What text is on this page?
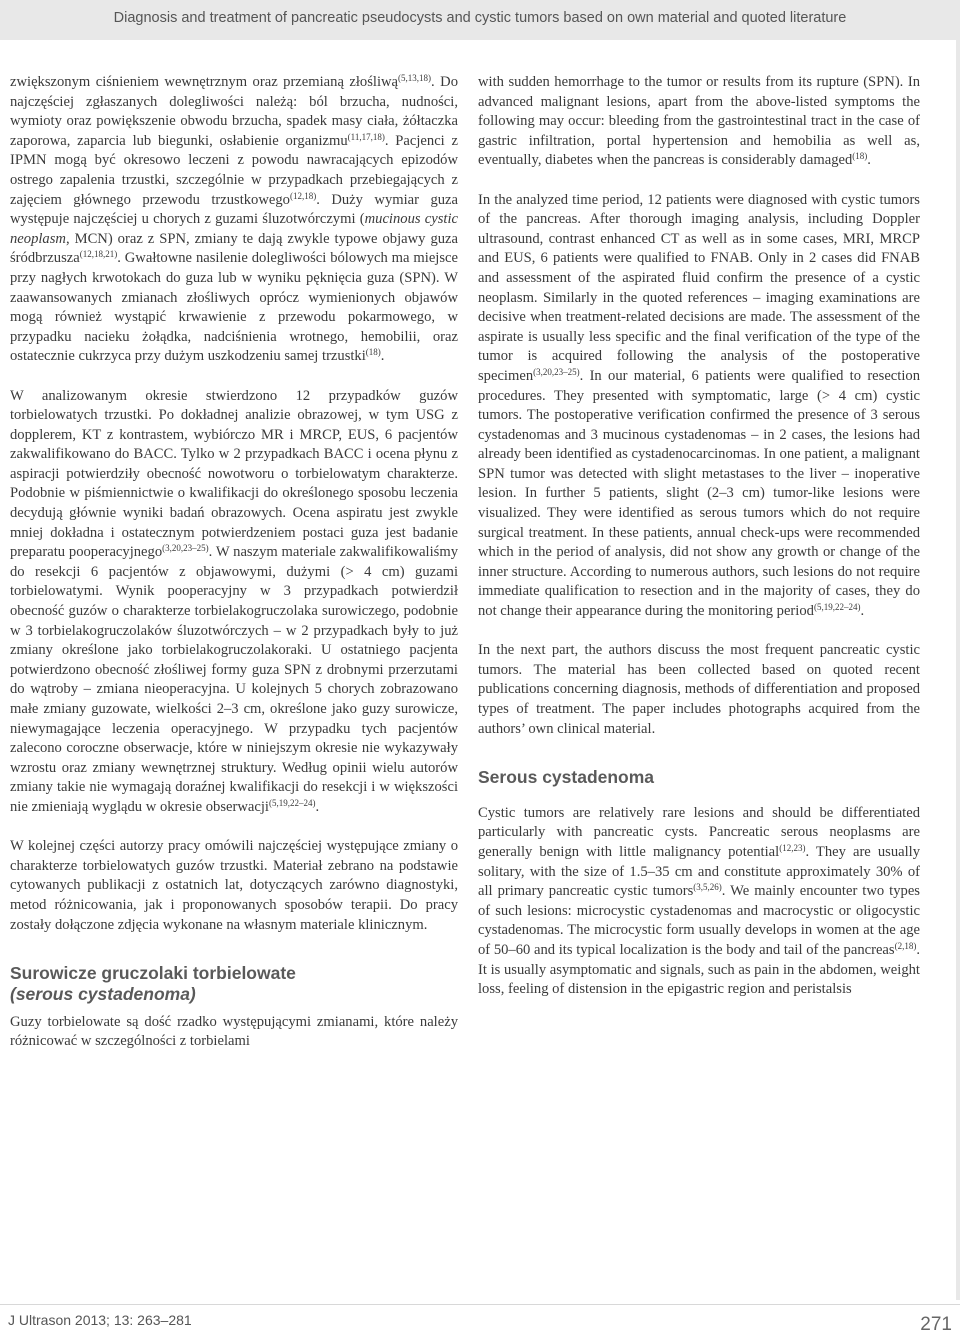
Diagnosis and treatment of pancreatic pseudocysts and cystic tumors based on own material and quoted literature

zwiększonym ciśnieniem wewnętrznym oraz przemianą złośliwą$^{(5,13,18)}$. Do najczęściej zgłaszanych dolegliwości należą: ból brzucha, nudności, wymioty oraz powiększenie obwodu brzucha, spadek masy ciała, żółtaczka zaporowa, zaparcia lub biegunki, osłabienie organizmu$^{(11,17,18)}$. Pacjenci z IPMN mogą być okresowo leczeni z powodu nawracających epizodów ostrego zapalenia trzustki, szczególnie w przypadkach przebiegających z zajęciem głównego przewodu trzustkowego$^{(12,18)}$. Duży wymiar guza występuje najczęściej u chorych z guzami śluzotwórczymi (mucinous cystic neoplasm, MCN) oraz z SPN, zmiany te dają zwykle typowe objawy guza śródbrzusza$^{(12,18,21)}$. Gwałtowne nasilenie dolegliwości bólowych ma miejsce przy nagłych krwotokach do guza lub w wyniku pęknięcia guza (SPN). W zaawansowanych zmianach złośliwych oprócz wymienionych objawów mogą również wystąpić krwawienie z przewodu pokarmowego, w przypadku nacieku żołądka, nadciśnienia wrotnego, hemobilii, oraz ostatecznie cukrzyca przy dużym uszkodzeniu samej trzustki$^{(18)}$.

W analizowanym okresie stwierdzono 12 przypadków guzów torbielowatych trzustki. Po dokładnej analizie obrazowej, w tym USG z dopplerem, KT z kontrastem, wybiórczo MR i MRCP, EUS, 6 pacjentów zakwalifikowano do BACC. Tylko w 2 przypadkach BACC i ocena płynu z aspiracji potwierdziły obecność nowotworu o torbielowatym charakterze. Podobnie w piśmiennictwie o kwalifikacji do określonego sposobu leczenia decydują głównie wyniki badań obrazowych. Ocena aspiratu jest zwykle mniej dokładna i ostatecznym potwierdzeniem postaci guza jest badanie preparatu pooperacyjnego$^{(3,20,23-25)}$. W naszym materiale zakwalifikowaliśmy do resekcji 6 pacjentów z objawowymi, dużymi (> 4 cm) guzami torbielowatymi. Wynik pooperacyjny w 3 przypadkach potwierdził obecność guzów o charakterze torbielakogruczolaka surowiczego, podobnie w 3 torbielakogruczolaków śluzotwórczych – w 2 przypadkach były to już zmiany określone jako torbielakogruczolakoraki. U ostatniego pacjenta potwierdzono obecność złośliwej formy guza SPN z drobnymi przerzutami do wątroby – zmiana nieoperacyjna. U kolejnych 5 chorych zobrazowano małe zmiany guzowate, wielkości 2–3 cm, określone jako guzy surowicze, niewymagające leczenia operacyjnego. W przypadku tych pacjentów zalecono coroczne obserwacje, które w niniejszym okresie nie wykazywały wzrostu oraz zmiany wewnętrznej struktury. Według opinii wielu autorów zmiany takie nie wymagają doraźnej kwalifikacji do resekcji i w większości nie zmieniają wyglądu w okresie obserwacji$^{(5,19,22-24)}$.

W kolejnej części autorzy pracy omówili najczęściej występujące zmiany o charakterze torbielowatych guzów trzustki. Materiał zebrano na podstawie cytowanych publikacji z ostatnich lat, dotyczących zarówno diagnostyki, metod różnicowania, jak i proponowanych sposobów terapii. Do pracy zostały dołączone zdjęcia wykonane na własnym materiale klinicznym.

Surowicze gruczolaki torbielowate
(serous cystadenoma)

Guzy torbielowate są dość rzadko występującymi zmianami, które należy różnicować w szczególności z torbielami

with sudden hemorrhage to the tumor or results from its rupture (SPN). In advanced malignant lesions, apart from the above-listed symptoms the following may occur: bleeding from the gastrointestinal tract in the case of gastric infiltration, portal hypertension and hemobilia as well as, eventually, diabetes when the pancreas is considerably damaged$^{(18)}$.

In the analyzed time period, 12 patients were diagnosed with cystic tumors of the pancreas. After thorough imaging analysis, including Doppler ultrasound, contrast enhanced CT as well as in some cases, MRI, MRCP and EUS, 6 patients were qualified to FNAB. Only in 2 cases did FNAB and assessment of the aspirated fluid confirm the presence of a cystic neoplasm. Similarly in the quoted references – imaging examinations are decisive when treatment-related decisions are made. The assessment of the aspirate is usually less specific and the final verification of the type of the tumor is acquired following the analysis of the postoperative specimen$^{(3,20,23-25)}$. In our material, 6 patients were qualified to resection procedures. They presented with symptomatic, large (> 4 cm) cystic tumors. The postoperative verification confirmed the presence of 3 serous cystadenomas and 3 mucinous cystadenomas – in 2 cases, the lesions had already been identified as cystadenocarcinomas. In one patient, a malignant SPN tumor was detected with slight metastases to the liver – inoperative lesion. In further 5 patients, slight (2–3 cm) tumor-like lesions were visualized. They were identified as serous tumors which do not require surgical treatment. In these patients, annual check-ups were recommended which in the period of analysis, did not show any growth or change of the inner structure. According to numerous authors, such lesions do not require immediate qualification to resection and in the majority of cases, they do not change their appearance during the monitoring period$^{(5,19,22-24)}$.

In the next part, the authors discuss the most frequent pancreatic cystic tumors. The material has been collected based on quoted recent publications concerning diagnosis, methods of differentiation and proposed types of treatment. The paper includes photographs acquired from the authors’ own clinical material.

Serous cystadenoma

Cystic tumors are relatively rare lesions and should be differentiated particularly with pancreatic cysts. Pancreatic serous neoplasms are generally benign with little malignancy potential$^{(12,23)}$. They are usually solitary, with the size of 1.5–35 cm and constitute approximately 30% of all primary pancreatic cystic tumors$^{(3,5,26)}$. We mainly encounter two types of such lesions: microcystic cystadenomas and macrocystic or oligocystic cystadenomas. The microcystic form usually develops in women at the age of 50–60 and its typical localization is the body and tail of the pancreas$^{(2,18)}$. It is usually asymptomatic and signals, such as pain in the abdomen, weight loss, feeling of distension in the epigastric region and peristalsis

J Ultrason 2013; 13: 263–281	271
